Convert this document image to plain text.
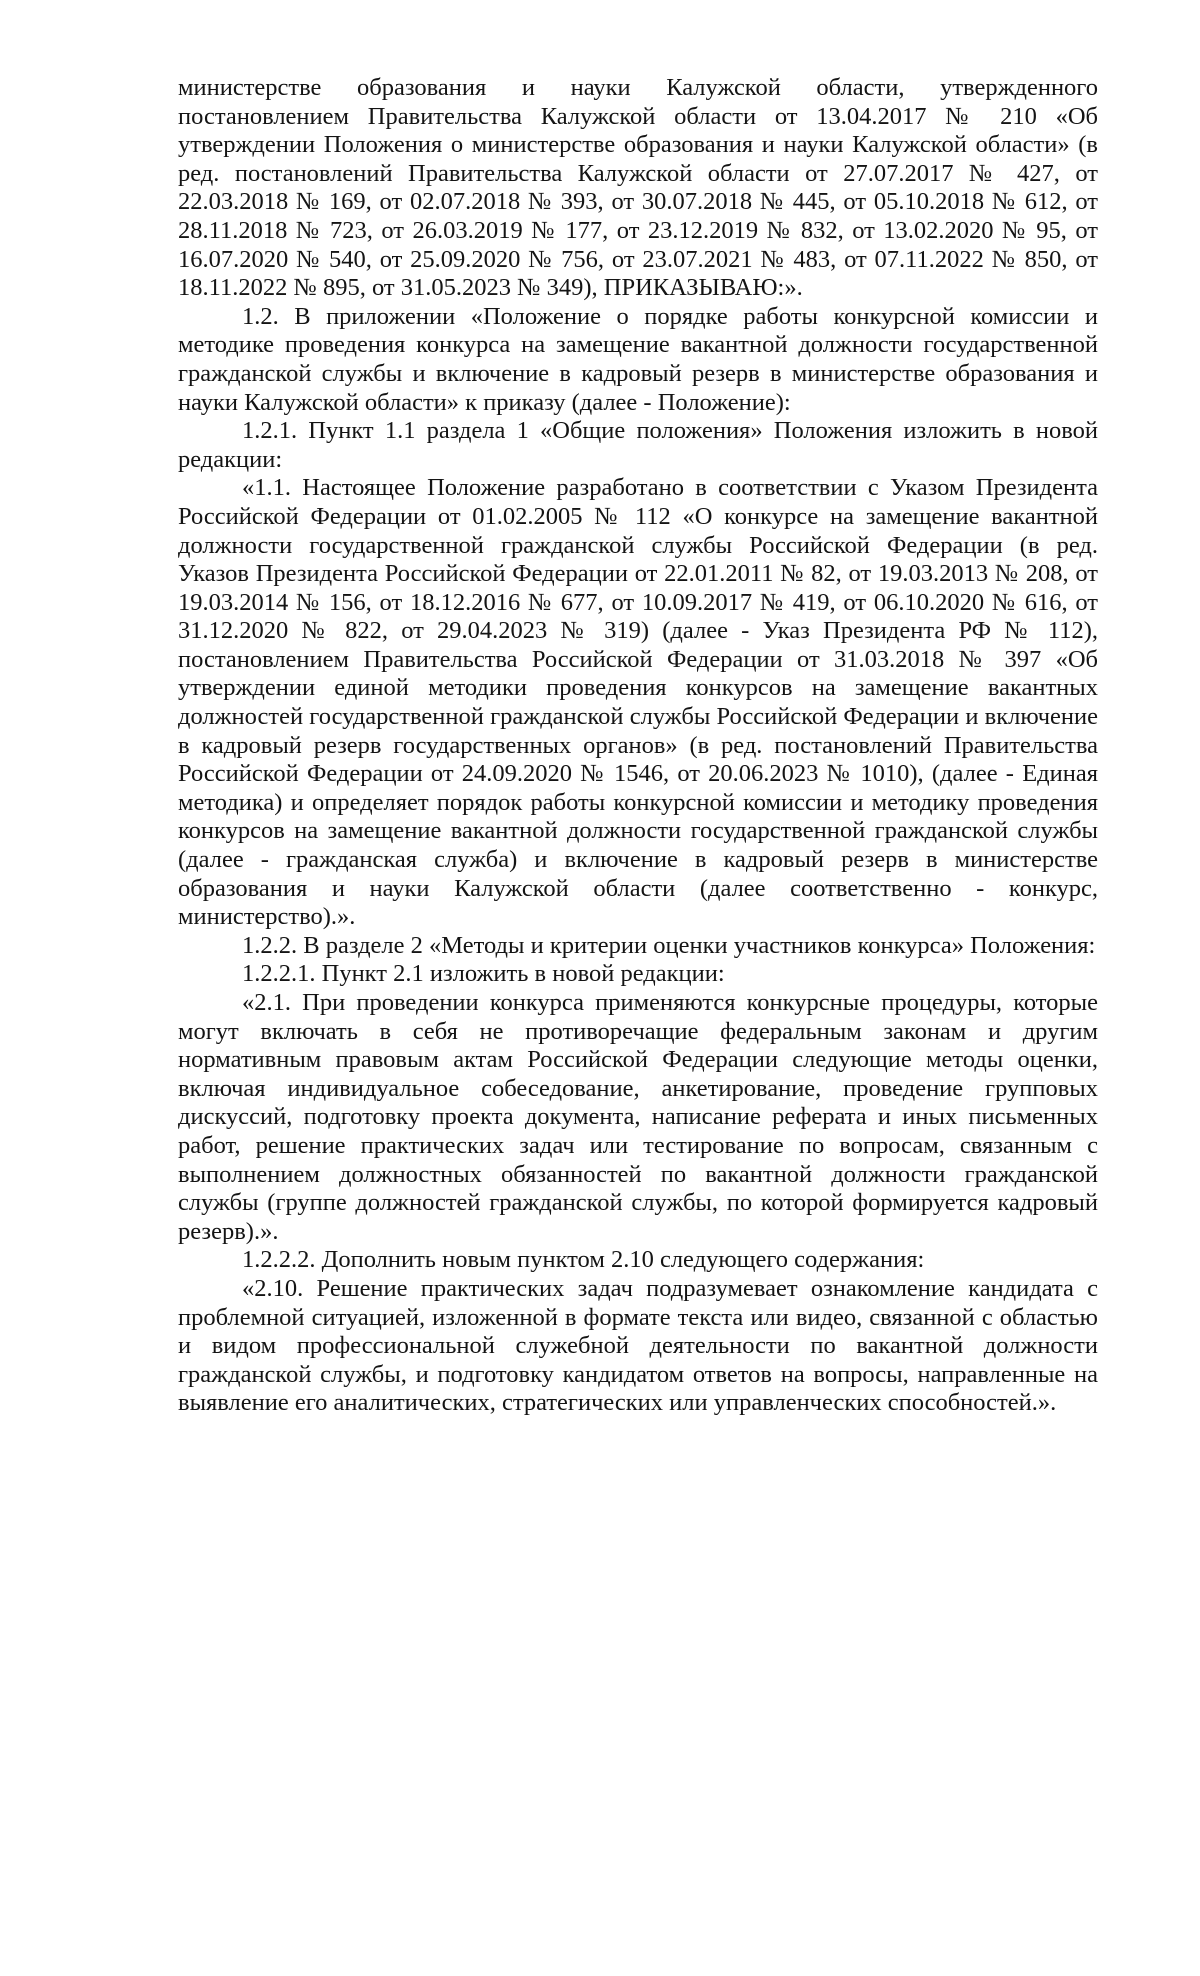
министерстве образования и науки Калужской области, утвержденного постановлением Правительства Калужской области от 13.04.2017 № 210 «Об утверждении Положения о министерстве образования и науки Калужской области» (в ред. постановлений Правительства Калужской области от 27.07.2017 № 427, от 22.03.2018 № 169, от 02.07.2018 № 393, от 30.07.2018 № 445, от 05.10.2018 № 612, от 28.11.2018 № 723, от 26.03.2019 № 177, от 23.12.2019 № 832, от 13.02.2020 № 95, от 16.07.2020 № 540, от 25.09.2020 № 756, от 23.07.2021 № 483, от 07.11.2022 № 850, от 18.11.2022 № 895, от 31.05.2023 № 349), ПРИКАЗЫВАЮ:».

1.2. В приложении «Положение о порядке работы конкурсной комиссии и методике проведения конкурса на замещение вакантной должности государственной гражданской службы и включение в кадровый резерв в министерстве образования и науки Калужской области» к приказу (далее - Положение):

1.2.1. Пункт 1.1 раздела 1 «Общие положения» Положения изложить в новой редакции:

«1.1. Настоящее Положение разработано в соответствии с Указом Президента Российской Федерации от 01.02.2005 № 112 «О конкурсе на замещение вакантной должности государственной гражданской службы Российской Федерации (в ред. Указов Президента Российской Федерации от 22.01.2011 № 82, от 19.03.2013 № 208, от 19.03.2014 № 156, от 18.12.2016 № 677, от 10.09.2017 № 419, от 06.10.2020 № 616, от 31.12.2020 № 822, от 29.04.2023 № 319) (далее - Указ Президента РФ № 112), постановлением Правительства Российской Федерации от 31.03.2018 № 397 «Об утверждении единой методики проведения конкурсов на замещение вакантных должностей государственной гражданской службы Российской Федерации и включение в кадровый резерв государственных органов» (в ред. постановлений Правительства Российской Федерации от 24.09.2020 № 1546, от 20.06.2023 № 1010), (далее - Единая методика) и определяет порядок работы конкурсной комиссии и методику проведения конкурсов на замещение вакантной должности государственной гражданской службы (далее - гражданская служба) и включение в кадровый резерв в министерстве образования и науки Калужской области (далее соответственно - конкурс, министерство).».

1.2.2. В разделе 2 «Методы и критерии оценки участников конкурса» Положения:

1.2.2.1. Пункт 2.1 изложить в новой редакции:

«2.1. При проведении конкурса применяются конкурсные процедуры, которые могут включать в себя не противоречащие федеральным законам и другим нормативным правовым актам Российской Федерации следующие методы оценки, включая индивидуальное собеседование, анкетирование, проведение групповых дискуссий, подготовку проекта документа, написание реферата и иных письменных работ, решение практических задач или тестирование по вопросам, связанным с выполнением должностных обязанностей по вакантной должности гражданской службы (группе должностей гражданской службы, по которой формируется кадровый резерв).».

1.2.2.2. Дополнить новым пунктом 2.10 следующего содержания:

«2.10. Решение практических задач подразумевает ознакомление кандидата с проблемной ситуацией, изложенной в формате текста или видео, связанной с областью и видом профессиональной служебной деятельности по вакантной должности гражданской службы, и подготовку кандидатом ответов на вопросы, направленные на выявление его аналитических, стратегических или управленческих способностей.».
